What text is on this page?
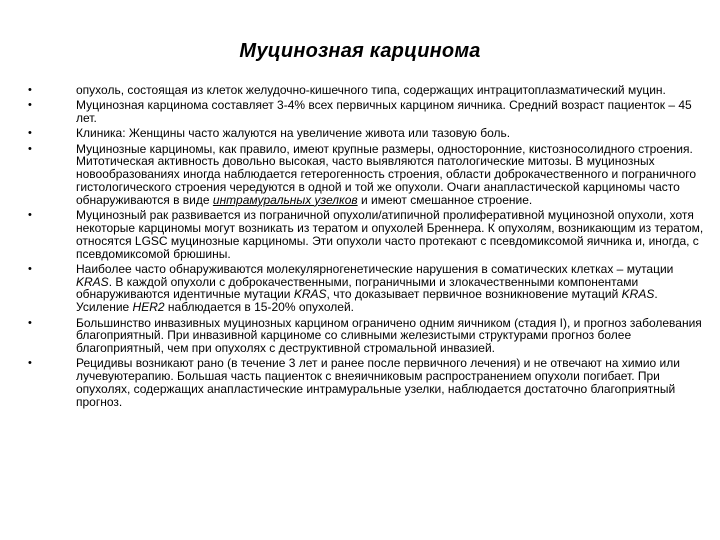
Муцинозная карцинома
•	опухоль, состоящая из клеток желудочно-кишечного типа, содержащих интрацитоплазматический муцин.
•	Муцинозная карцинома составляет 3-4% всех первичных карцином яичника. Средний возраст пациенток – 45 лет.
•	Клиника: Женщины часто жалуются на увеличение живота или тазовую боль.
•	Муцинозные карциномы, как правило, имеют крупные размеры, односторонние, кистозносолидного строения. Митотическая активность довольно высокая, часто выявляются патологические митозы. В муцинозных новообразованиях иногда наблюдается гетерогенность строения, области доброкачественного и пограничного гистологического строения чередуются в одной и той же опухоли. Очаги анапластической карциномы часто обнаруживаются в виде интрамуральных узелков и имеют смешанное строение.
•	Муцинозный рак развивается из пограничной опухоли/атипичной пролиферативной муцинозной опухоли, хотя некоторые карциномы могут возникать из тератом и опухолей Бреннера. К опухолям, возникающим из тератом, относятся LGSC муцинозные карциномы. Эти опухоли часто протекают с псевдомиксомой яичника и, иногда, с псевдомиксомой брюшины.
•	Наиболее часто обнаруживаются молекулярногенетические нарушения в соматических клетках – мутации KRAS. В каждой опухоли с доброкачественными, пограничными и злокачественными компонентами обнаруживаются идентичные мутации KRAS, что доказывает первичное возникновение мутаций KRAS. Усиление HER2 наблюдается в 15-20% опухолей.
•	Большинство инвазивных муцинозных карцином ограничено одним яичником (стадия I), и прогноз заболевания благоприятный. При инвазивной карциноме со сливными железистыми структурами прогноз более благоприятный, чем при опухолях с деструктивной стромальной инвазией.
•	Рецидивы возникают рано (в течение 3 лет и ранее после первичного лечения) и не отвечают на химио или лучевуютерапию. Большая часть пациенток с внеяичниковым распространением опухоли погибает. При опухолях, содержащих анапластические интрамуральные узелки, наблюдается достаточно благоприятный прогноз.
